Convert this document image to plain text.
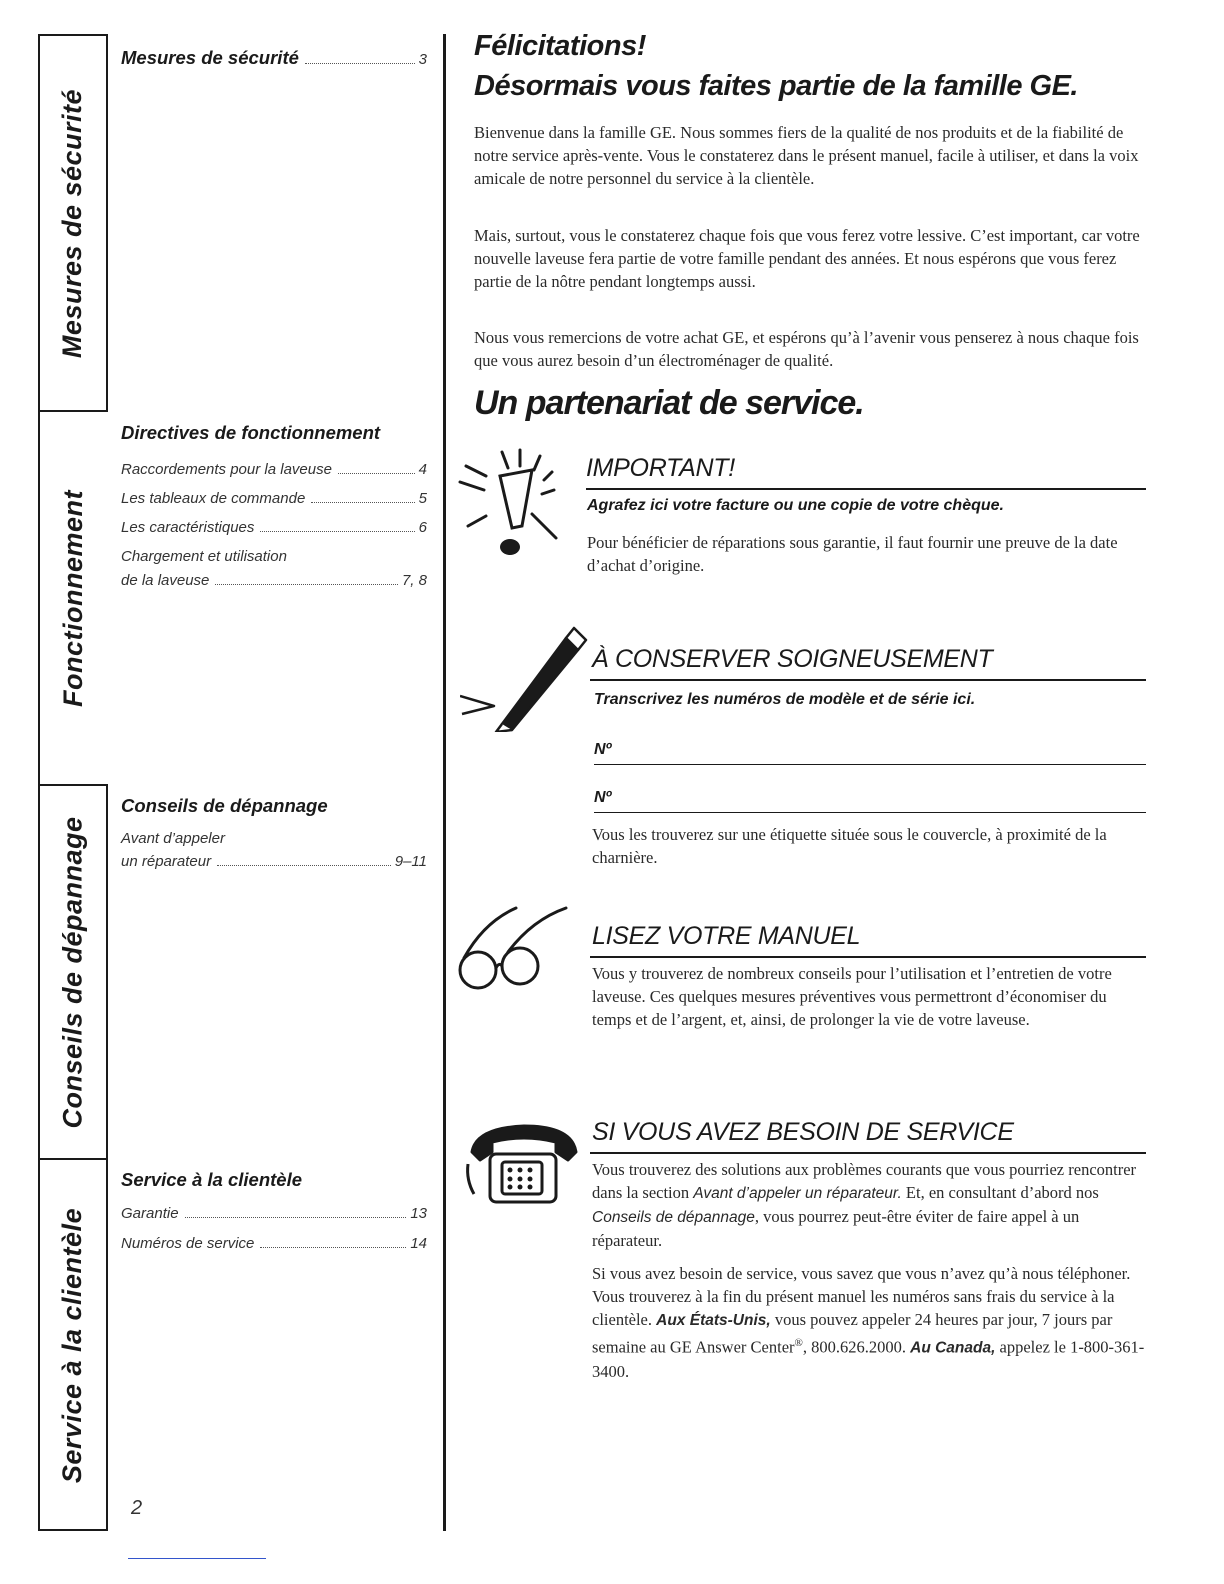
Mesures de sécurité
Fonctionnement
Conseils de dépannage
Service à la clientèle
Mesures de sécurité	3
Directives de fonctionnement
Raccordements pour la laveuse	4
Les tableaux de commande	5
Les caractéristiques	6
Chargement et utilisation
de la laveuse	7, 8
Conseils de dépannage
Avant d’appeler
un réparateur	9–11
Service à la clientèle
Garantie	13
Numéros de service	14
2
Félicitations!
Désormais vous faites partie de la famille GE.

Bienvenue dans la famille GE. Nous sommes fiers de la qualité de nos produits et de la fiabilité de notre service après-vente. Vous le constaterez dans le présent manuel, facile à utiliser, et dans la voix amicale de notre personnel du service à la clientèle.

Mais, surtout, vous le constaterez chaque fois que vous ferez votre lessive. C’est important, car votre nouvelle laveuse fera partie de votre famille pendant des années. Et nous espérons que vous ferez partie de la nôtre pendant longtemps aussi.

Nous vous remercions de votre achat GE, et espérons qu’à l’avenir vous penserez à nous chaque fois que vous aurez besoin d’un électroménager de qualité.

Un partenariat de service.
IMPORTANT!
Agrafez ici votre facture ou une copie de votre chèque.

Pour bénéficier de réparations sous garantie, il faut fournir une preuve de la date d’achat d’origine.

À CONSERVER SOIGNEUSEMENT
Transcrivez les numéros de modèle et de série ici.
Nº
Nº

Vous les trouverez sur une étiquette située sous le couvercle, à proximité de la charnière.

LISEZ VOTRE MANUEL

Vous y trouverez de nombreux conseils pour l’utilisation et l’entretien de votre laveuse. Ces quelques mesures préventives vous permettront d’économiser du temps et de l’argent, et, ainsi, de prolonger la vie de votre laveuse.

SI VOUS AVEZ BESOIN DE SERVICE

Vous trouverez des solutions aux problèmes courants que vous pourriez rencontrer dans la section Avant d’appeler un réparateur. Et, en consultant d’abord nos Conseils de dépannage, vous pourrez peut-être éviter de faire appel à un réparateur.

Si vous avez besoin de service, vous savez que vous n’avez qu’à nous téléphoner. Vous trouverez à la fin du présent manuel les numéros sans frais du service à la clientèle. Aux États-Unis, vous pouvez appeler 24 heures par jour, 7 jours par semaine au GE Answer Center®, 800.626.2000. Au Canada, appelez le 1-800-361-3400.
